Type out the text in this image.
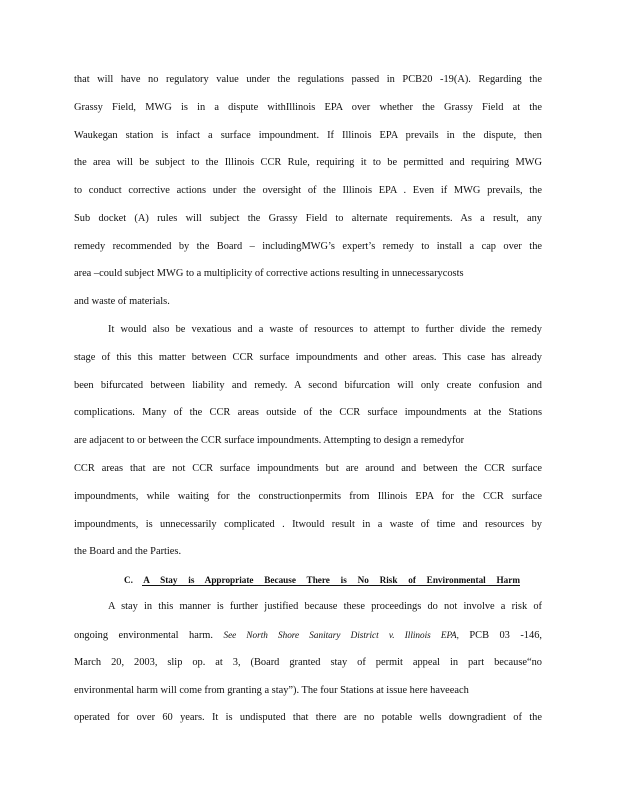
that will have no regulatory value under the regulations passed in PCB20 -19(A). Regarding the
Grassy Field, MWG is in a dispute withIllinois EPA over whether the Grassy Field at the
Waukegan station is infact a surface impoundment. If Illinois EPA prevails in the dispute, then
the area will be subject to the Illinois CCR Rule, requiring it to be permitted and requiring MWG
to conduct corrective actions under the oversight of the Illinois EPA . Even if MWG prevails, the
Sub docket (A) rules will subject the Grassy Field to alternate requirements. As a result, any
remedy recommended by the Board – includingMWG’s expert’s remedy to install a cap over the
area –could subject MWG to a multiplicity of corrective actions resulting in unnecessarycosts
and waste of materials.
It would also be vexatious and a waste of resources to attempt to further divide the remedy
stage of this this matter between CCR surface impoundments and other areas. This case has already
been bifurcated between liability and remedy. A second bifurcation will only create confusion and
complications. Many of the CCR areas outside of the CCR surface impoundments at the Stations
are adjacent to or between the CCR surface impoundments. Attempting to design a remedyfor
CCR areas that are not CCR surface impoundments but are around and between the CCR surface
impoundments, while waiting for the constructionpermits from Illinois EPA for the CCR surface
impoundments, is unnecessarily complicated . Itwould result in a waste of time and resources by
the Board and the Parties.
C. A Stay is Appropriate Because There is No Risk of Environmental Harm
A stay in this manner is further justified because these proceedings do not involve a risk of
ongoing environmental harm. See North Shore Sanitary District v. Illinois EPA, PCB 03 -146,
March 20, 2003, slip op. at 3, (Board granted stay of permit appeal in part because“no
environmental harm will come from granting a stay”). The four Stations at issue here haveeach
operated for over 60 years. It is undisputed that there are no potable wells downgradient of the
